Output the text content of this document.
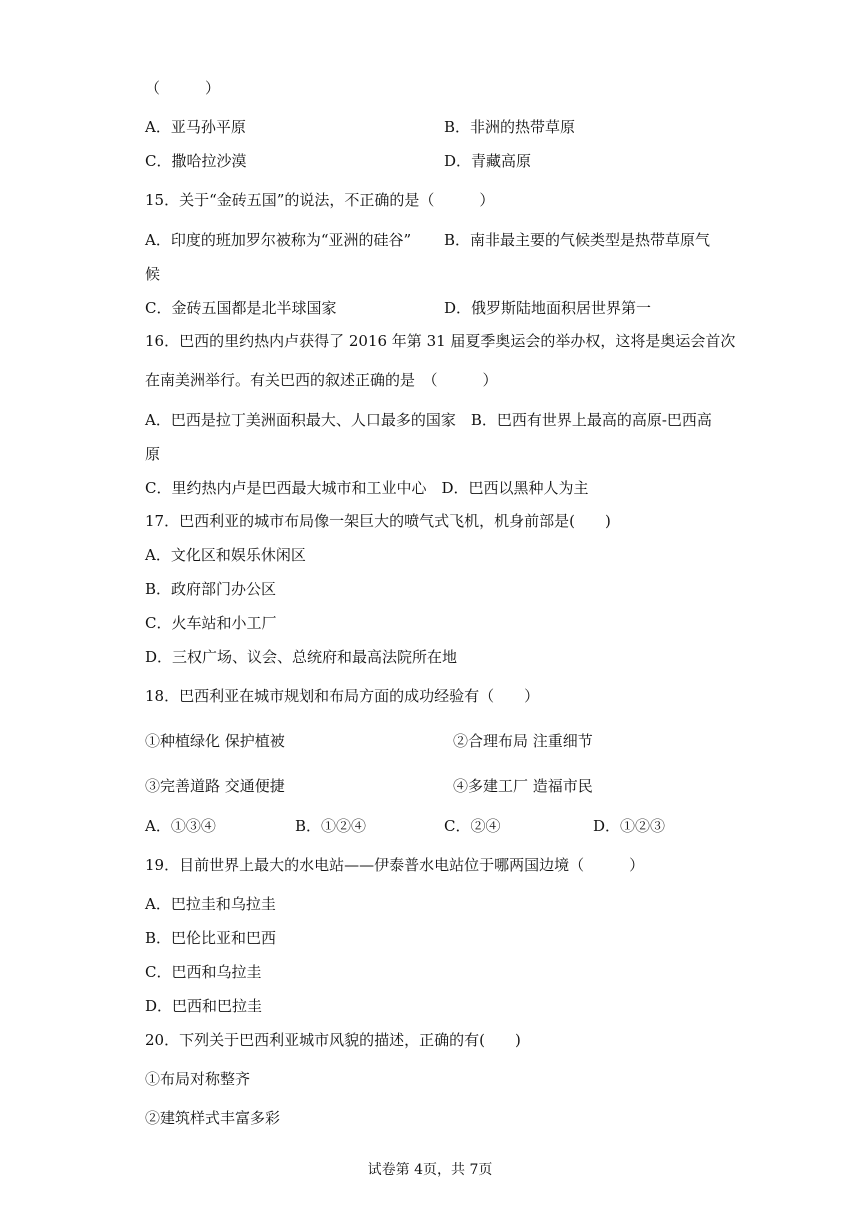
（　　　）
A．亚马孙平原	B．非洲的热带草原
C．撒哈拉沙漠	D．青藏高原
15．关于“金砖五国”的说法，不正确的是（　　　）
A．印度的班加罗尔被称为“亚洲的硅谷” B．南非最主要的气候类型是热带草原气
候
C．金砖五国都是北半球国家	D．俄罗斯陆地面积居世界第一
16．巴西的里约热内卢获得了 2016 年第 31 届夏季奥运会的举办权，这将是奥运会首次
在南美洲举行。有关巴西的叙述正确的是　（　　　）
A．巴西是拉丁美洲面积最大、人口最多的国家　B．巴西有世界上最高的高原-巴西高
原
C．里约热内卢是巴西最大城市和工业中心　D．巴西以黑种人为主
17．巴西利亚的城市布局像一架巨大的喷气式飞机，机身前部是(　　)
A．文化区和娱乐休闲区
B．政府部门办公区
C．火车站和小工厂
D．三权广场、议会、总统府和最高法院所在地
18．巴西利亚在城市规划和布局方面的成功经验有（　　）
①种植绿化 保护植被	②合理布局 注重细节
③完善道路 交通便捷	④多建工厂 造福市民
A．①③④	B．①②④	C．②④	D．①②③
19．目前世界上最大的水电站——伊泰普水电站位于哪两国边境（　　　）
A．巴拉圭和乌拉圭
B．巴伦比亚和巴西
C．巴西和乌拉圭
D．巴西和巴拉圭
20．下列关于巴西利亚城市风貌的描述，正确的有(　　)
①布局对称整齐
②建筑样式丰富多彩
试卷第 4页，共 7页
